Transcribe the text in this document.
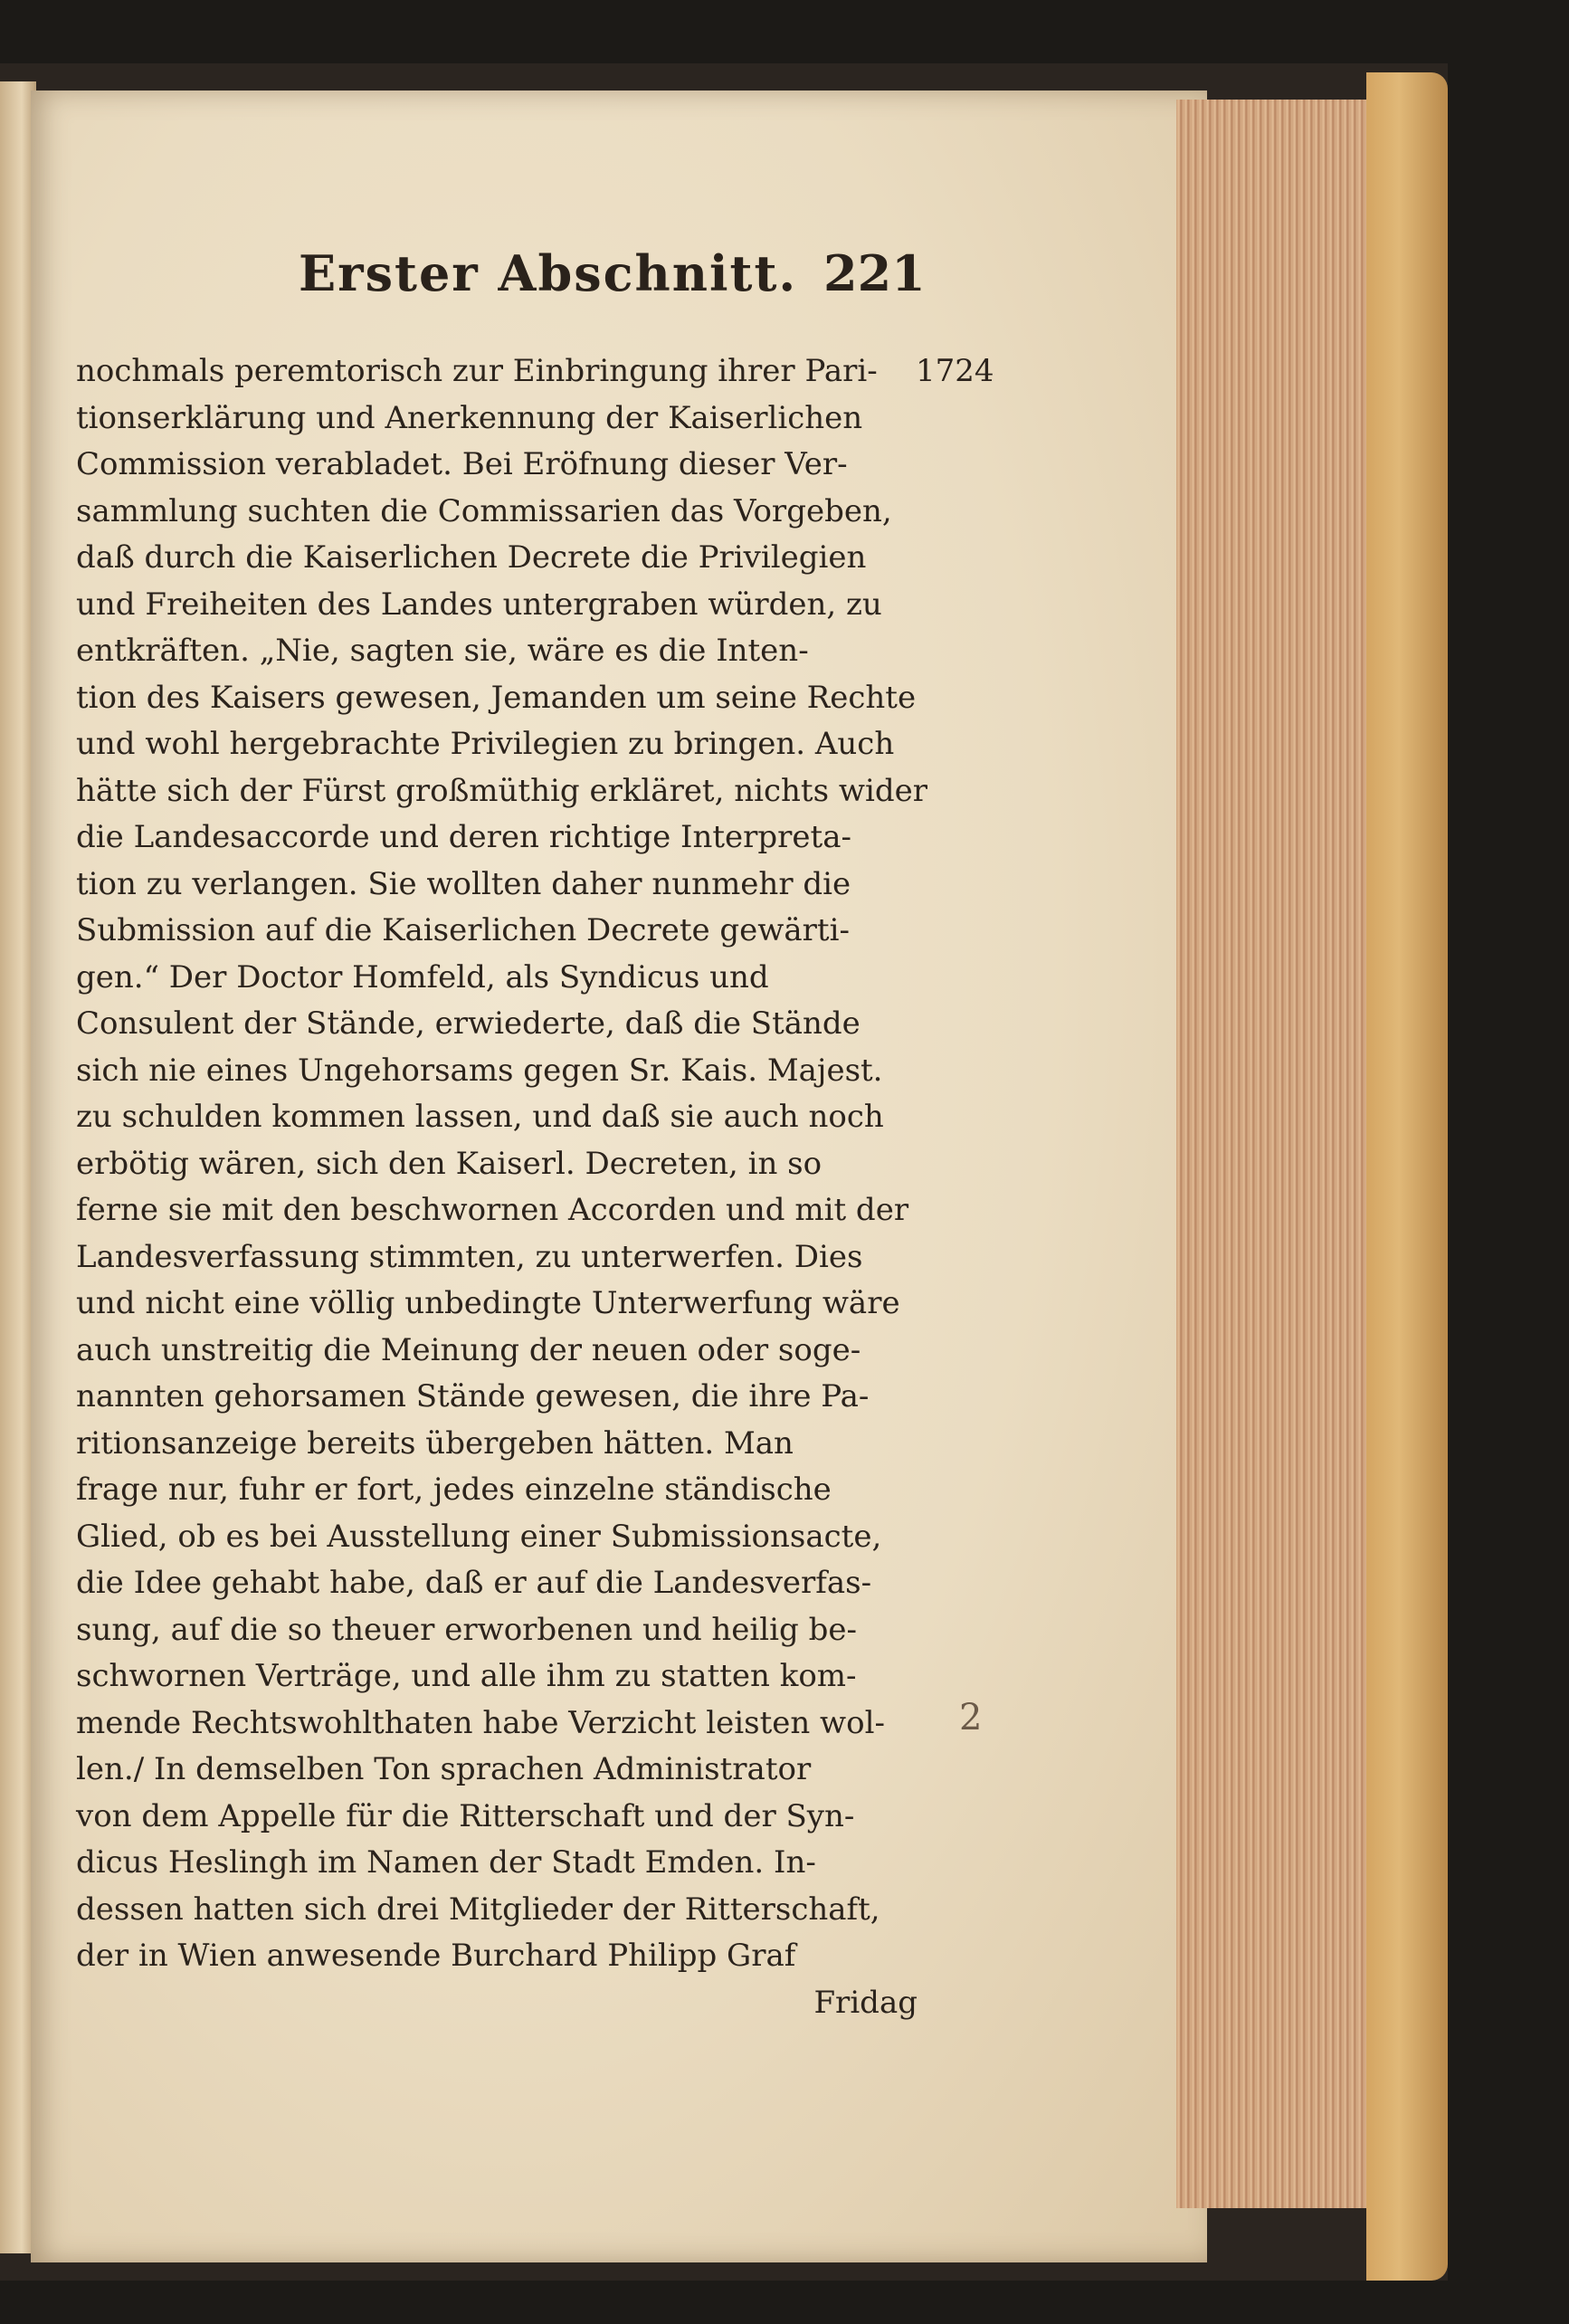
Erster Abschnitt. 221
1724
2
nochmals peremtorisch zur Einbringung ihrer Pari-
tionserklärung und Anerkennung der Kaiserlichen
Commission verabladet. Bei Eröfnung dieser Ver-
sammlung suchten die Commissarien das Vorgeben,
daß durch die Kaiserlichen Decrete die Privilegien
und Freiheiten des Landes untergraben würden, zu
entkräften. „Nie, sagten sie, wäre es die Inten-
tion des Kaisers gewesen, Jemanden um seine Rechte
und wohl hergebrachte Privilegien zu bringen. Auch
hätte sich der Fürst großmüthig erkläret, nichts wider
die Landesaccorde und deren richtige Interpreta-
tion zu verlangen. Sie wollten daher nunmehr die
Submission auf die Kaiserlichen Decrete gewärti-
gen.“ Der Doctor Homfeld, als Syndicus und
Consulent der Stände, erwiederte, daß die Stände
sich nie eines Ungehorsams gegen Sr. Kais. Majest.
zu schulden kommen lassen, und daß sie auch noch
erbötig wären, sich den Kaiserl. Decreten, in so
ferne sie mit den beschwornen Accorden und mit der
Landesverfassung stimmten, zu unterwerfen. Dies
und nicht eine völlig unbedingte Unterwerfung wäre
auch unstreitig die Meinung der neuen oder soge-
nannten gehorsamen Stände gewesen, die ihre Pa-
ritionsanzeige bereits übergeben hätten. Man
frage nur, fuhr er fort, jedes einzelne ständische
Glied, ob es bei Ausstellung einer Submissionsacte,
die Idee gehabt habe, daß er auf die Landesverfas-
sung, auf die so theuer erworbenen und heilig be-
schwornen Verträge, und alle ihm zu statten kom-
mende Rechtswohlthaten habe Verzicht leisten wol-
len./ In demselben Ton sprachen Administrator
von dem Appelle für die Ritterschaft und der Syn-
dicus Heslingh im Namen der Stadt Emden. In-
dessen hatten sich drei Mitglieder der Ritterschaft,
der in Wien anwesende Burchard Philipp Graf
Fridag
